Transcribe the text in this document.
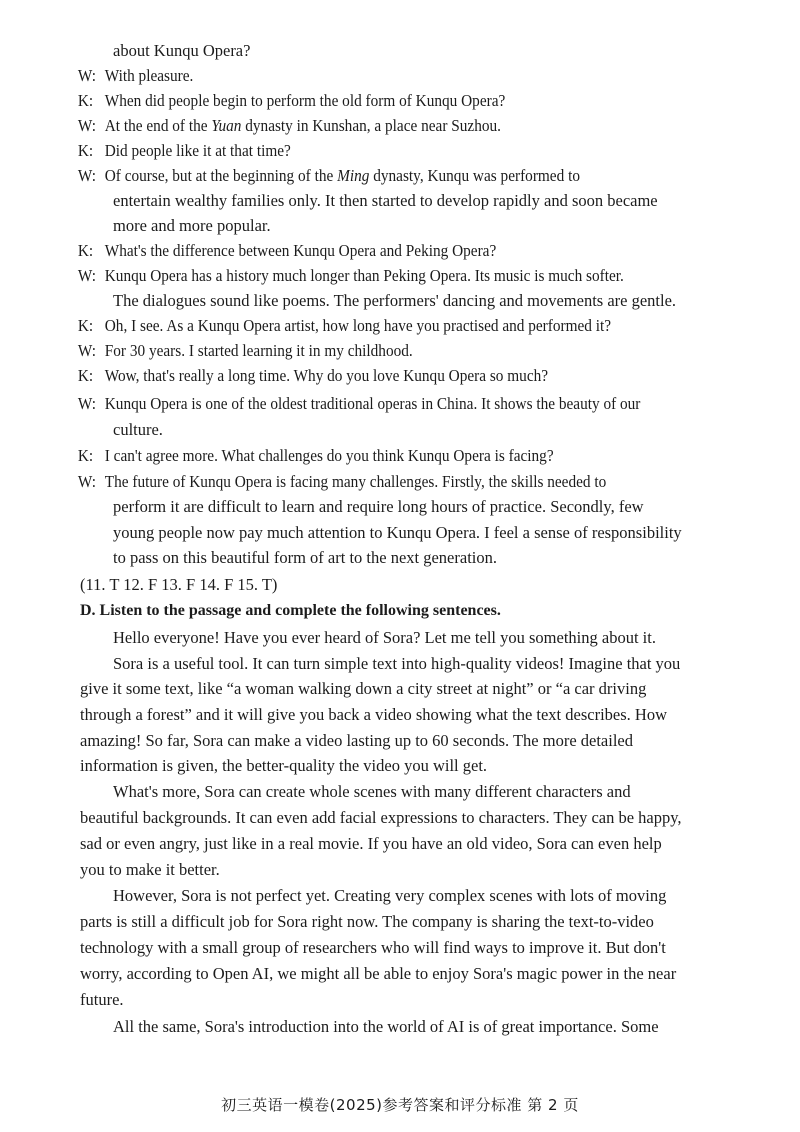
about Kunqu Opera?
W: With pleasure.
K: When did people begin to perform the old form of Kunqu Opera?
W: At the end of the Yuan dynasty in Kunshan, a place near Suzhou.
K: Did people like it at that time?
W: Of course, but at the beginning of the Ming dynasty, Kunqu was performed to
entertain wealthy families only. It then started to develop rapidly and soon became
more and more popular.
K: What's the difference between Kunqu Opera and Peking Opera?
W: Kunqu Opera has a history much longer than Peking Opera. Its music is much softer.
The dialogues sound like poems. The performers' dancing and movements are gentle.
K: Oh, I see. As a Kunqu Opera artist, how long have you practised and performed it?
W: For 30 years. I started learning it in my childhood.
K: Wow, that's really a long time. Why do you love Kunqu Opera so much?
W: Kunqu Opera is one of the oldest traditional operas in China. It shows the beauty of our
culture.
K: I can't agree more. What challenges do you think Kunqu Opera is facing?
W: The future of Kunqu Opera is facing many challenges. Firstly, the skills needed to
perform it are difficult to learn and require long hours of practice. Secondly, few
young people now pay much attention to Kunqu Opera. I feel a sense of responsibility
to pass on this beautiful form of art to the next generation.
(11. T 12. F 13. F 14. F 15. T)
D. Listen to the passage and complete the following sentences.
Hello everyone! Have you ever heard of Sora? Let me tell you something about it.
Sora is a useful tool. It can turn simple text into high-quality videos! Imagine that you
give it some text, like “a woman walking down a city street at night” or “a car driving
through a forest” and it will give you back a video showing what the text describes. How
amazing! So far, Sora can make a video lasting up to 60 seconds. The more detailed
information is given, the better-quality the video you will get.
What's more, Sora can create whole scenes with many different characters and
beautiful backgrounds. It can even add facial expressions to characters. They can be happy,
sad or even angry, just like in a real movie. If you have an old video, Sora can even help
you to make it better.
However, Sora is not perfect yet. Creating very complex scenes with lots of moving
parts is still a difficult job for Sora right now. The company is sharing the text-to-video
technology with a small group of researchers who will find ways to improve it. But don't
worry, according to Open AI, we might all be able to enjoy Sora's magic power in the near
future.
All the same, Sora's introduction into the world of AI is of great importance. Some
初三英语一模卷(2025)参考答案和评分标准 第 2 页
